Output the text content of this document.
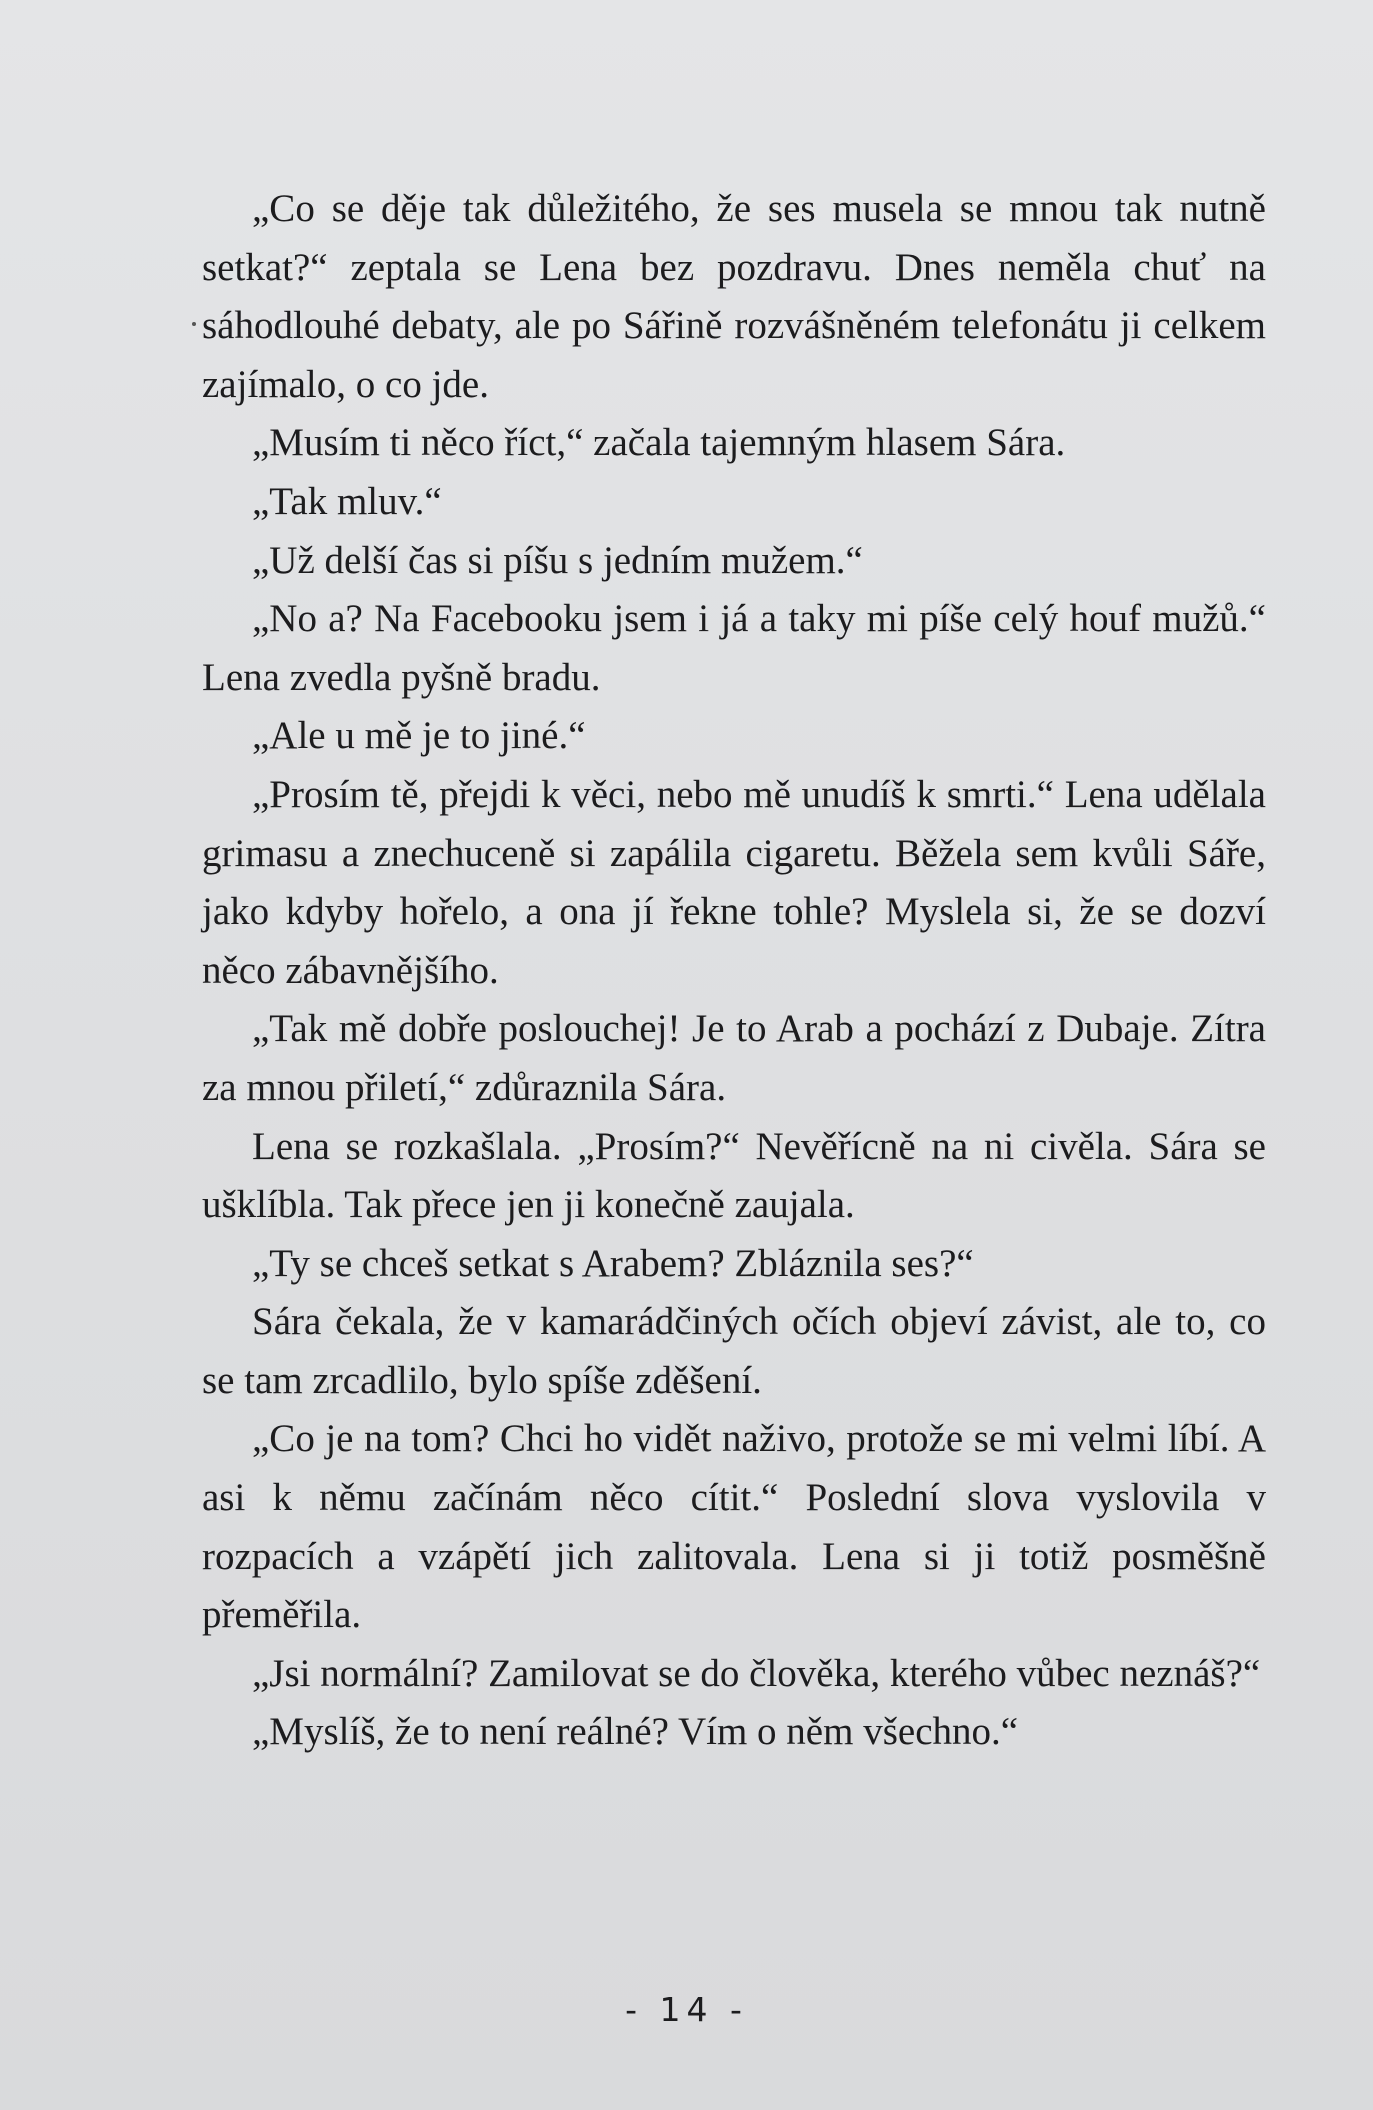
„Co se děje tak důležitého, že ses musela se mnou tak nutně setkat?“ zeptala se Lena bez pozdravu. Dnes neměla chuť na sáhodlouhé debaty, ale po Sářině rozvášněném telefonátu ji celkem zajímalo, o co jde.

„Musím ti něco říct,“ začala tajemným hlasem Sára.

„Tak mluv.“

„Už delší čas si píšu s jedním mužem.“

„No a? Na Facebooku jsem i já a taky mi píše celý houf mužů.“ Lena zvedla pyšně bradu.

„Ale u mě je to jiné.“

„Prosím tě, přejdi k věci, nebo mě unudíš k smrti.“ Lena udělala grimasu a znechuceně si zapálila cigaretu. Běžela sem kvůli Sáře, jako kdyby hořelo, a ona jí řekne tohle? Myslela si, že se dozví něco zábavnějšího.

„Tak mě dobře poslouchej! Je to Arab a pochází z Dubaje. Zítra za mnou přiletí,“ zdůraznila Sára.

Lena se rozkašlala. „Prosím?“ Nevěřícně na ni civěla. Sára se ušklíbla. Tak přece jen ji konečně zaujala.

„Ty se chceš setkat s Arabem? Zbláznila ses?“

Sára čekala, že v kamarádčiných očích objeví závist, ale to, co se tam zrcadlilo, bylo spíše zděšení.

„Co je na tom? Chci ho vidět naživo, protože se mi velmi líbí. A asi k němu začínám něco cítit.“ Poslední slova vyslovila v rozpacích a vzápětí jich zalitovala. Lena si ji totiž posměšně přeměřila.

„Jsi normální? Zamilovat se do člověka, kterého vůbec neznáš?“

„Myslíš, že to není reálné? Vím o něm všechno.“

- 14 -
